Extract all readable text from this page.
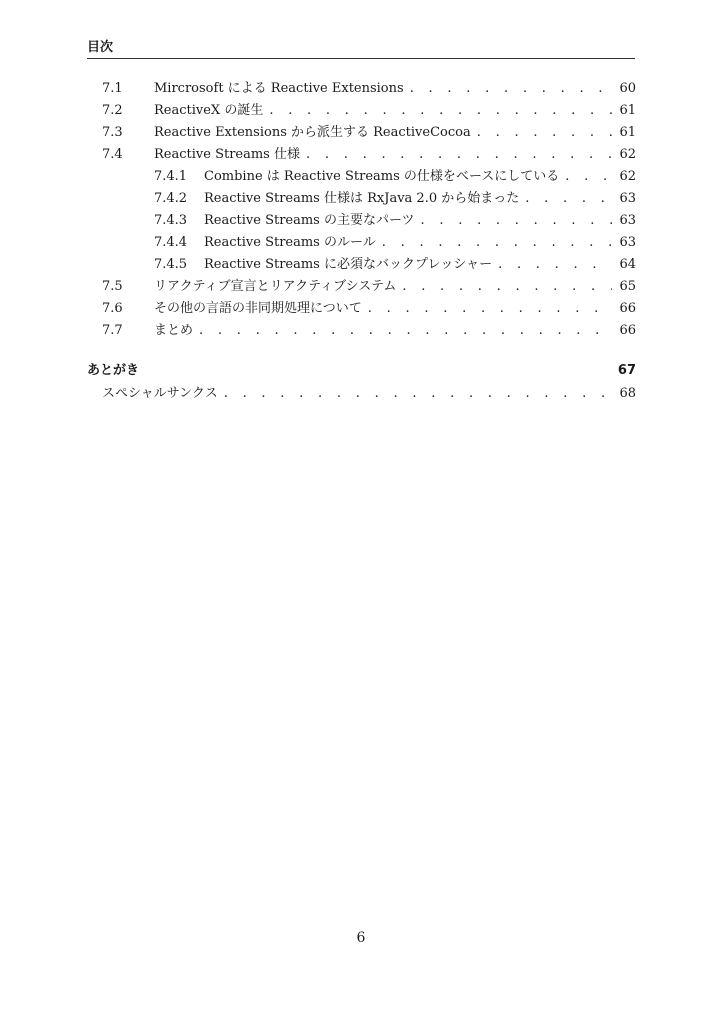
目次
7.1	Mircrosoft による Reactive Extensions . . .	60
7.2	ReactiveX の誕生 . . .	61
7.3	Reactive Extensions から派生する ReactiveCocoa . . .	61
7.4	Reactive Streams 仕様 . . .	62
7.4.1	Combine は Reactive Streams の仕様をベースにしている . . .	62
7.4.2	Reactive Streams 仕様は RxJava 2.0 から始まった . . .	63
7.4.3	Reactive Streams の主要なパーツ . . .	63
7.4.4	Reactive Streams のルール . . .	63
7.4.5	Reactive Streams に必須なバックプレッシャー . . .	64
7.5	リアクティブ宣言とリアクティブシステム . . .	65
7.6	その他の言語の非同期処理について . . .	66
7.7	まとめ . . .	66
あとがき	67
スペシャルサンクス . . .	68
6
